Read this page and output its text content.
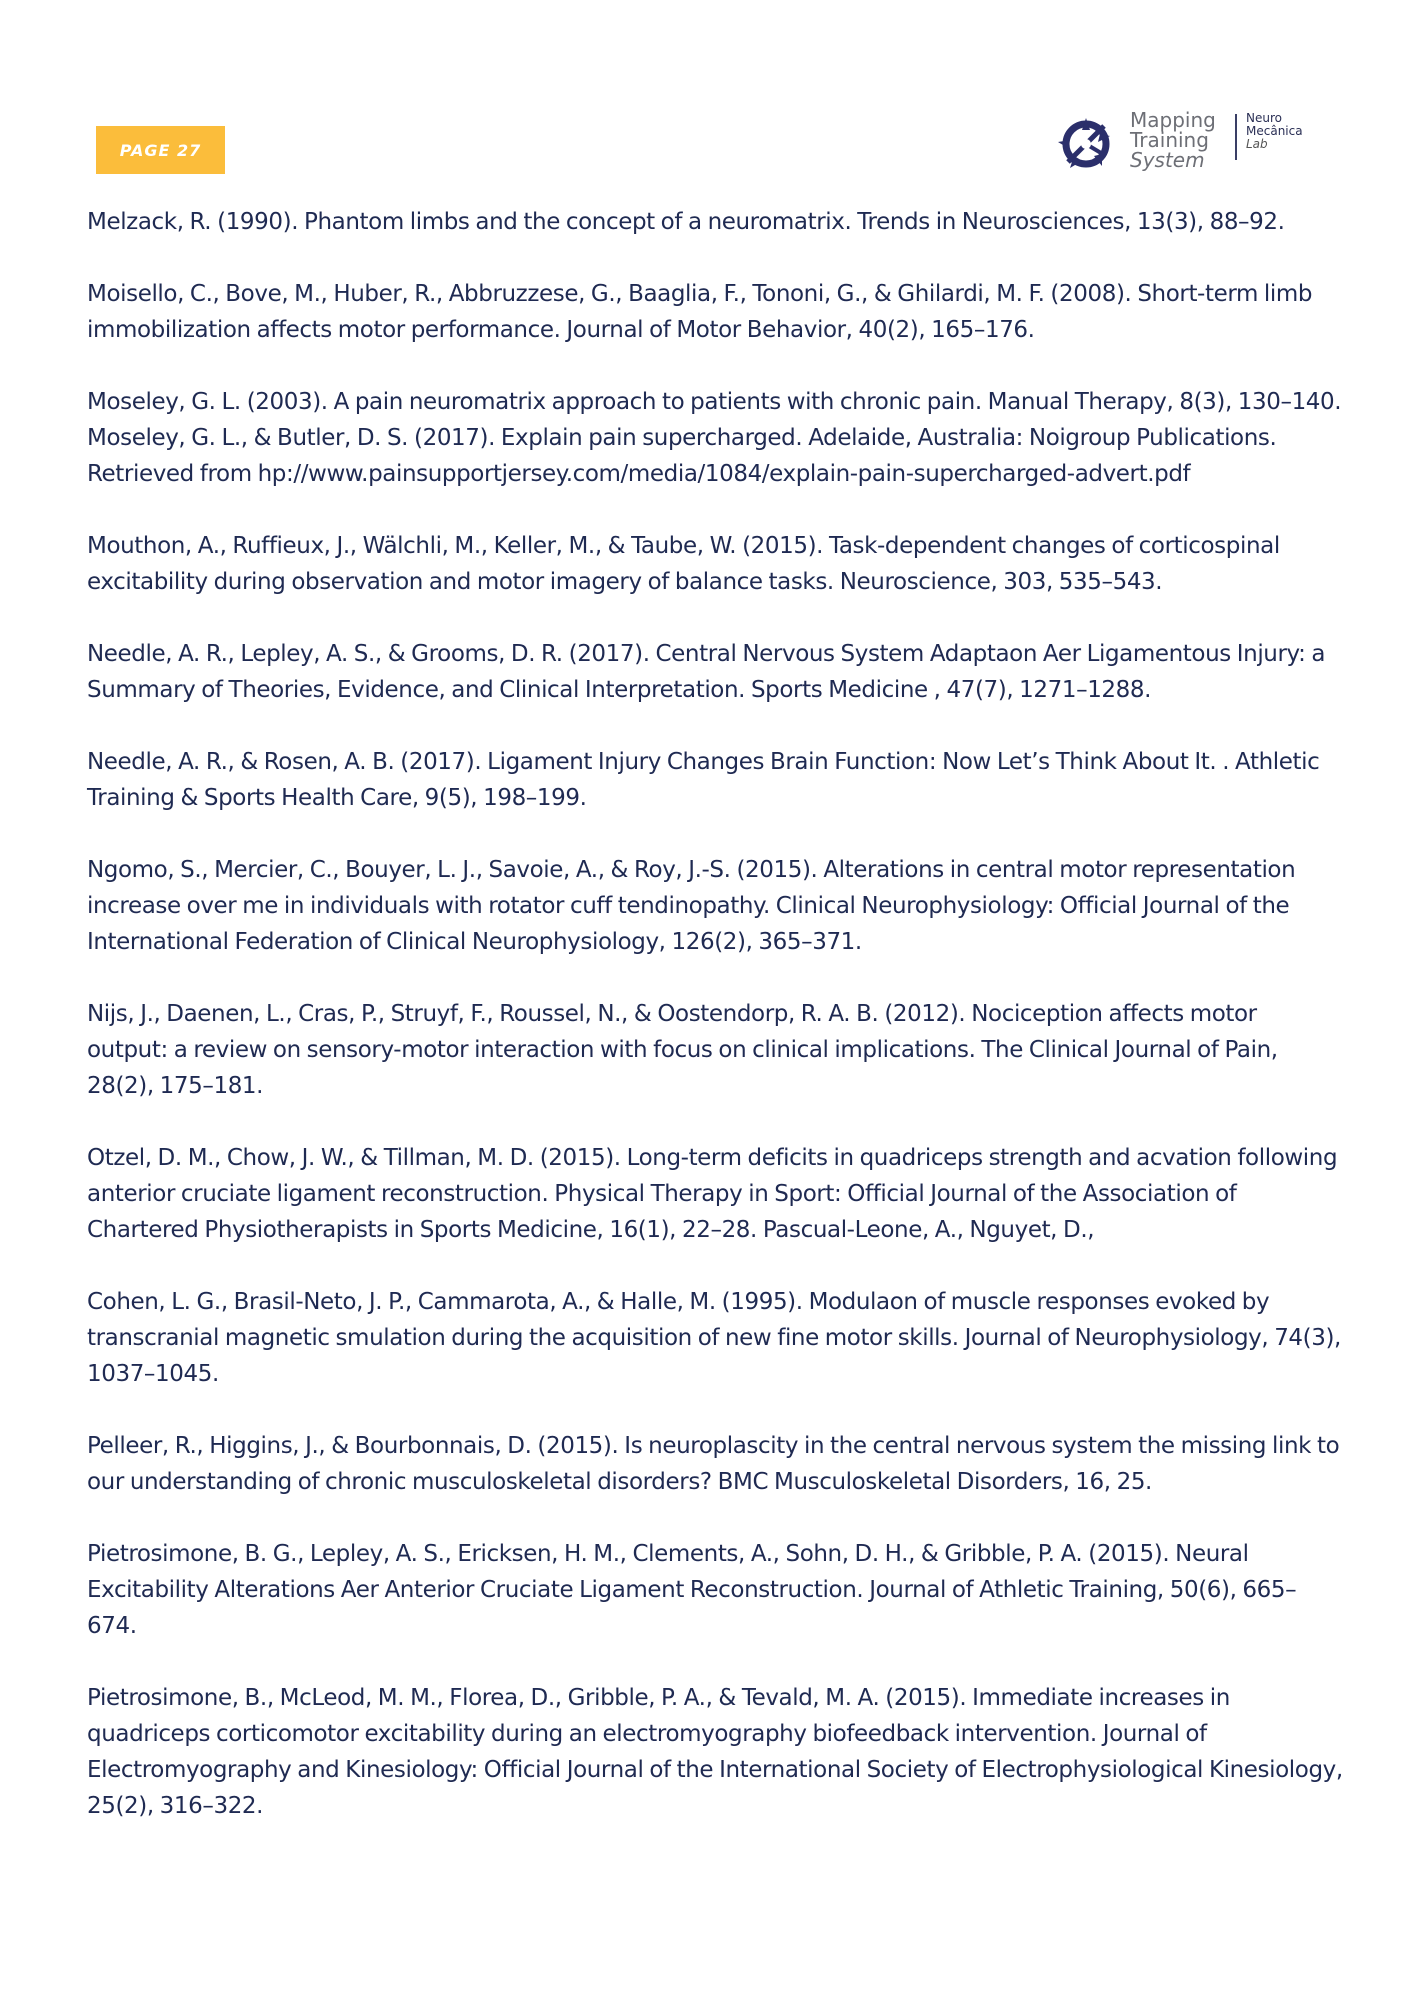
PAGE 27
Mapping
Training
System
Neuro
Mecânica
Lab

Melzack, R. (1990). Phantom limbs and the concept of a neuromatrix. Trends in Neurosciences, 13(3), 88–92.

Moisello, C., Bove, M., Huber, R., Abbruzzese, G., Baaglia, F., Tononi, G., & Ghilardi, M. F. (2008). Short-term limb immobilization affects motor performance. Journal of Motor Behavior, 40(2), 165–176.

Moseley, G. L. (2003). A pain neuromatrix approach to patients with chronic pain. Manual Therapy, 8(3), 130–140. Moseley, G. L., & Butler, D. S. (2017). Explain pain supercharged. Adelaide, Australia: Noigroup Publications. Retrieved from hp://www.painsupportjersey.com/media/1084/explain-pain-supercharged-advert.pdf

Mouthon, A., Ruffieux, J., Wälchli, M., Keller, M., & Taube, W. (2015). Task-dependent changes of corticospinal excitability during observation and motor imagery of balance tasks. Neuroscience, 303, 535–543.

Needle, A. R., Lepley, A. S., & Grooms, D. R. (2017). Central Nervous System Adaptaon Aer Ligamentous Injury: a Summary of Theories, Evidence, and Clinical Interpretation. Sports Medicine , 47(7), 1271–1288.

Needle, A. R., & Rosen, A. B. (2017). Ligament Injury Changes Brain Function: Now Let’s Think About It. . Athletic Training & Sports Health Care, 9(5), 198–199.

Ngomo, S., Mercier, C., Bouyer, L. J., Savoie, A., & Roy, J.-S. (2015). Alterations in central motor representation increase over me in individuals with rotator cuff tendinopathy. Clinical Neurophysiology: Official Journal of the International Federation of Clinical Neurophysiology, 126(2), 365–371.

Nijs, J., Daenen, L., Cras, P., Struyf, F., Roussel, N., & Oostendorp, R. A. B. (2012). Nociception affects motor output: a review on sensory-motor interaction with focus on clinical implications. The Clinical Journal of Pain, 28(2), 175–181.

Otzel, D. M., Chow, J. W., & Tillman, M. D. (2015). Long-term deficits in quadriceps strength and acvation following anterior cruciate ligament reconstruction. Physical Therapy in Sport: Official Journal of the Association of Chartered Physiotherapists in Sports Medicine, 16(1), 22–28. Pascual-Leone, A., Nguyet, D.,

Cohen, L. G., Brasil-Neto, J. P., Cammarota, A., & Halle, M. (1995). Modulaon of muscle responses evoked by transcranial magnetic smulation during the acquisition of new fine motor skills. Journal of Neurophysiology, 74(3), 1037–1045.

Pelleer, R., Higgins, J., & Bourbonnais, D. (2015). Is neuroplascity in the central nervous system the missing link to our understanding of chronic musculoskeletal disorders? BMC Musculoskeletal Disorders, 16, 25.

Pietrosimone, B. G., Lepley, A. S., Ericksen, H. M., Clements, A., Sohn, D. H., & Gribble, P. A. (2015). Neural Excitability Alterations Aer Anterior Cruciate Ligament Reconstruction. Journal of Athletic Training, 50(6), 665–674.

Pietrosimone, B., McLeod, M. M., Florea, D., Gribble, P. A., & Tevald, M. A. (2015). Immediate increases in quadriceps corticomotor excitability during an electromyography biofeedback intervention. Journal of Electromyography and Kinesiology: Official Journal of the International Society of Electrophysiological Kinesiology, 25(2), 316–322.
